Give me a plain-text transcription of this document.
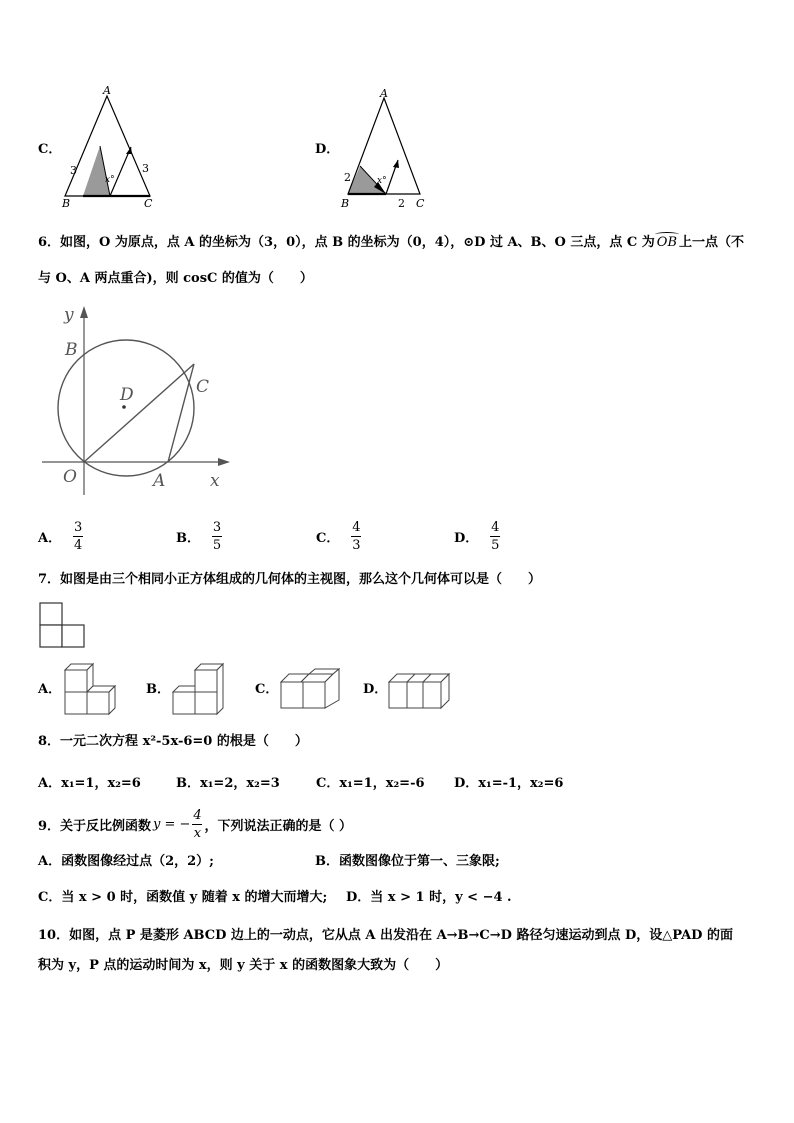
C．
A
B	C
3	3
x°
D．
A
B	C
2
2
x°
6．如图，O 为原点，点 A 的坐标为（3，0），点 B 的坐标为（0，4），⊙D 过 A、B、O 三点，点 C 为 OB 上一点（不
与 O、A 两点重合)，则 cosC 的值为（　　）
y
x
B
D	C
O	A
A． $\frac{3}{4}$	B． $\frac{3}{5}$	C． $\frac{4}{3}$	D． $\frac{4}{5}$
7．如图是由三个相同小正方体组成的几何体的主视图，那么这个几何体可以是（　　）
A．	B．	C．	D．
8．一元二次方程 x²-5x-6=0 的根是（　　）
A．x₁=1，x₂=6	B．x₁=2，x₂=3	C．x₁=1，x₂=-6 D．x₁=-1，x₂=6
9．关于反比例函数 y = − $\frac{4}{x}$ ，下列说法正确的是（ ）
A．函数图像经过点（2，2）;	B．函数图像位于第一、三象限;
C．当 x > 0 时，函数值 y 随着 x 的增大而增大; D．当 x > 1 时，y < −4 .
10．如图，点 P 是菱形 ABCD 边上的一动点，它从点 A 出发沿在 A→B→C→D 路径匀速运动到点 D，设△PAD 的面
积为 y，P 点的运动时间为 x，则 y 关于 x 的函数图象大致为（　　）
